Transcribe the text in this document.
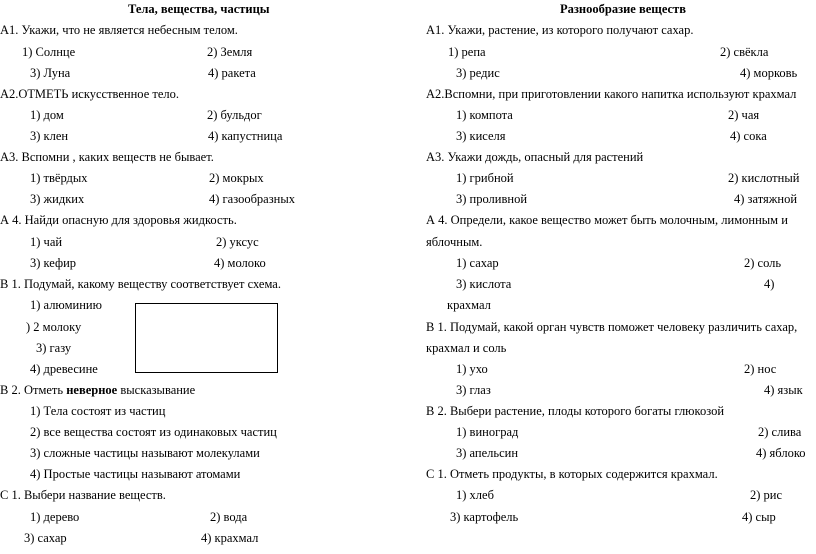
Тела, вещества, частицы
А1. Укажи, что не является небесным телом.
1) Солнце	2) Земля
3) Луна	4) ракета
А2.ОТМЕТЬ искусственное тело.
1) дом	2) бульдог
3) клен	4) капустница
А3. Вспомни , каких веществ не бывает.
1) твёрдых	2) мокрых
3) жидких	4) газообразных
А 4. Найди опасную для здоровья жидкость.
1) чай	2) уксус
3) кефир	4) молоко
В 1. Подумай, какому веществу соответствует схема.
1) алюминию
) 2 молоку
3) газу
4) древесине
В 2. Отметь неверное высказывание
1) Тела состоят из частиц
2) все вещества состоят из одинаковых частиц
3) сложные частицы называют молекулами
4) Простые частицы называют атомами
С 1. Выбери название веществ.
1) дерево	2) вода
3) сахар	4) крахмал
Разнообразие веществ
А1. Укажи, растение, из которого получают сахар.
1) репа	2) свёкла
3) редис	4) морковь
А2.Вспомни, при приготовлении какого напитка используют крахмал
1) компота	2) чая
3) киселя	4) сока
А3. Укажи дождь, опасный для растений
1) грибной	2) кислотный
3) проливной	4) затяжной
А 4. Определи, какое вещество может быть молочным, лимонным и
яблочным.
1) сахар	2) соль
3) кислота	4)
крахмал
В 1. Подумай, какой орган чувств поможет человеку различить сахар,
крахмал и соль
1) ухо	2) нос
3) глаз	4) язык
В 2. Выбери растение, плоды которого богаты глюкозой
1) виноград	2) слива
3) апельсин	4) яблоко
С 1. Отметь продукты, в которых содержится крахмал.
1) хлеб	2) рис
3) картофель	4) сыр
